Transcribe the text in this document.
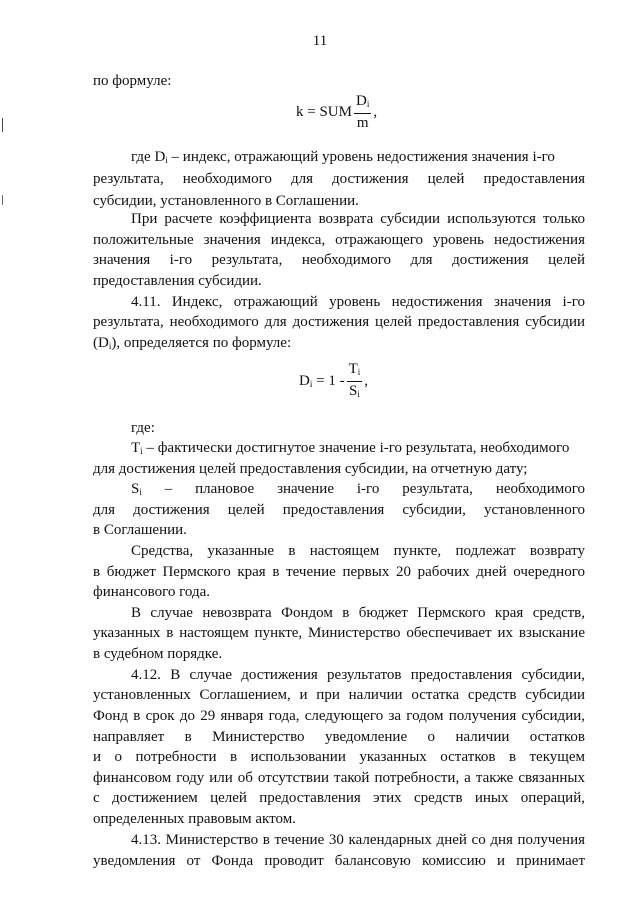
11
по формуле:
k = SUM $\frac{D_i}{m}$ ,
где $D_i$ – индекс, отражающий уровень недостижения значения i-го
результата, необходимого для достижения целей предоставления
субсидии, установленного в Соглашении.
При расчете коэффициента возврата субсидии используются только
положительные значения индекса, отражающего уровень недостижения
значения i-го результата, необходимого для достижения целей
предоставления субсидии.
4.11. Индекс, отражающий уровень недостижения значения i-го
результата, необходимого для достижения целей предоставления субсидии
$(D_i)$, определяется по формуле:
$D_i = 1 - \frac{T_i}{S_i}$ ,
где:
$T_i$ – фактически достигнутое значение i-го результата, необходимого
для достижения целей предоставления субсидии, на отчетную дату;
$S_i$ – плановое значение i-го результата, необходимого
для достижения целей предоставления субсидии, установленного
в Соглашении.
Средства, указанные в настоящем пункте, подлежат возврату
в бюджет Пермского края в течение первых 20 рабочих дней очередного
финансового года.
В случае невозврата Фондом в бюджет Пермского края средств,
указанных в настоящем пункте, Министерство обеспечивает их взыскание
в судебном порядке.
4.12. В случае достижения результатов предоставления субсидии,
установленных Соглашением, и при наличии остатка средств субсидии
Фонд в срок до 29 января года, следующего за годом получения субсидии,
направляет в Министерство уведомление о наличии остатков
и о потребности в использовании указанных остатков в текущем
финансовом году или об отсутствии такой потребности, а также связанных
с достижением целей предоставления этих средств иных операций,
определенных правовым актом.
4.13. Министерство в течение 30 календарных дней со дня получения
уведомления от Фонда проводит балансовую комиссию и принимает
